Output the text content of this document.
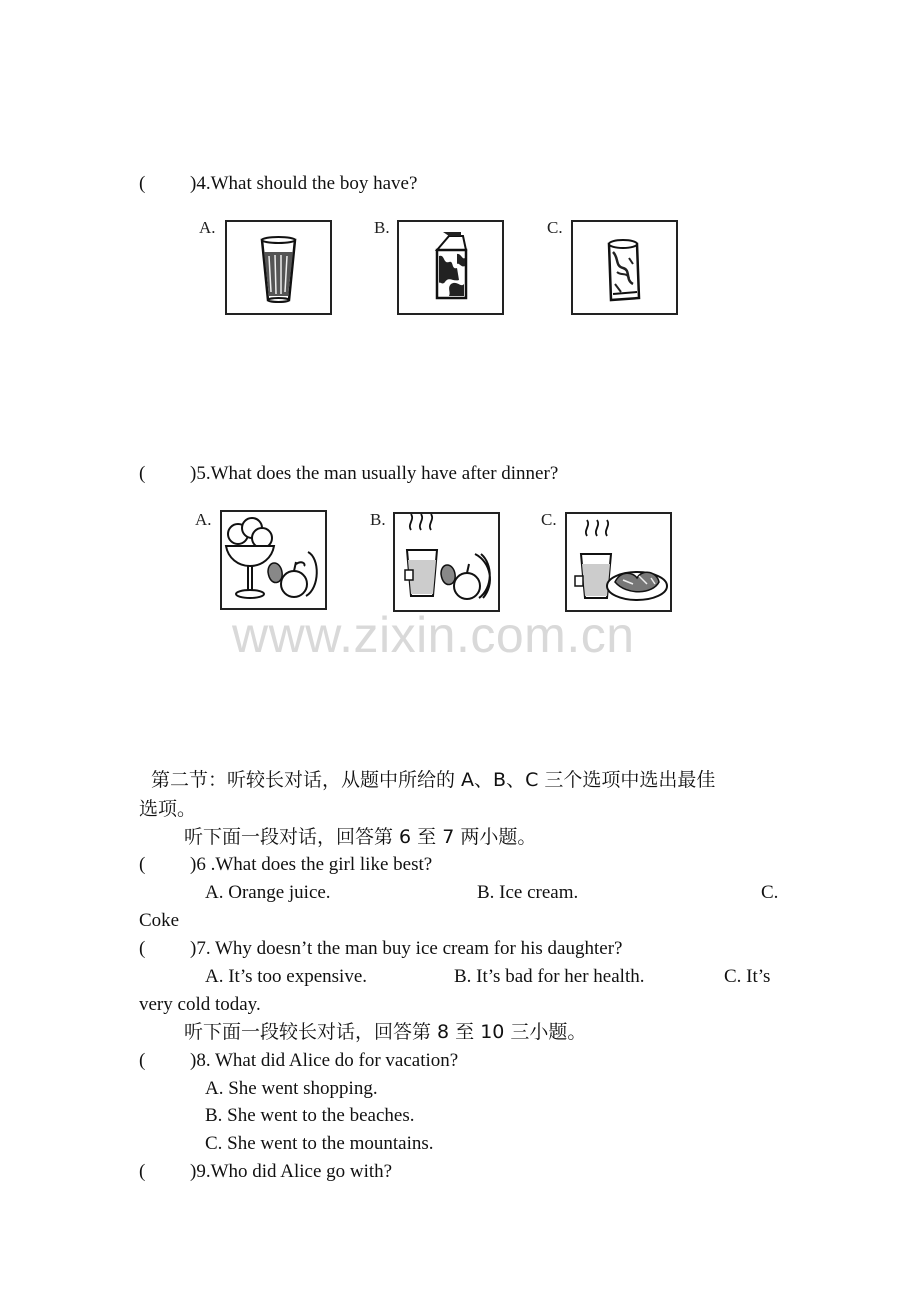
( )4.What should the boy have?
A.	B.	C.
( )5.What does the man usually have after dinner?
A.	B.	C.
www.zixin.com.cn
第二节：听较长对话，从题中所给的 A、B、C 三个选项中选出最佳
选项。
听下面一段对话，回答第 6 至 7 两小题。
( )6 .What does the girl like best?
A. Orange juice.	B. Ice cream.	C.
Coke
( )7. Why doesn’t the man buy ice cream for his daughter?
A. It’s too expensive.	B. It’s bad for her health.	C. It’s
very cold today.
听下面一段较长对话，回答第 8 至 10 三小题。
( )8. What did Alice do for vacation?
A. She went shopping.
B. She went to the beaches.
C. She went to the mountains.
( )9.Who did Alice go with?
